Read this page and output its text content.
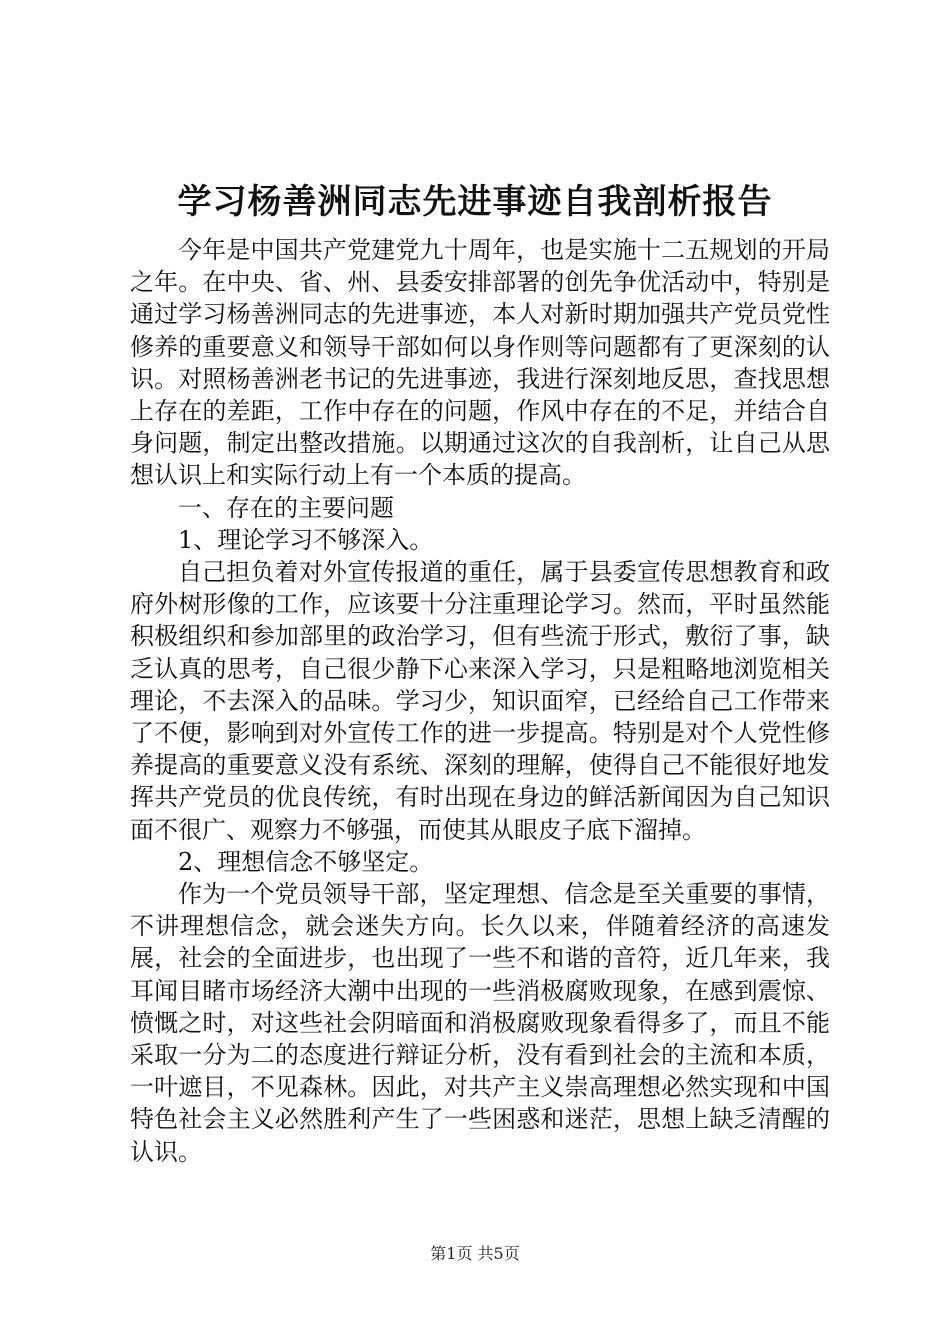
学习杨善洲同志先进事迹自我剖析报告

今年是中国共产党建党九十周年，也是实施十二五规划的开局之年。在中央、省、州、县委安排部署的创先争优活动中，特别是通过学习杨善洲同志的先进事迹，本人对新时期加强共产党员党性修养的重要意义和领导干部如何以身作则等问题都有了更深刻的认识。对照杨善洲老书记的先进事迹，我进行深刻地反思，查找思想上存在的差距，工作中存在的问题，作风中存在的不足，并结合自身问题，制定出整改措施。以期通过这次的自我剖析，让自己从思想认识上和实际行动上有一个本质的提高。

一、存在的主要问题

1、理论学习不够深入。

自己担负着对外宣传报道的重任，属于县委宣传思想教育和政府外树形像的工作，应该要十分注重理论学习。然而，平时虽然能积极组织和参加部里的政治学习，但有些流于形式，敷衍了事，缺乏认真的思考，自己很少静下心来深入学习，只是粗略地浏览相关理论，不去深入的品味。学习少，知识面窄，已经给自己工作带来了不便，影响到对外宣传工作的进一步提高。特别是对个人党性修养提高的重要意义没有系统、深刻的理解，使得自己不能很好地发挥共产党员的优良传统，有时出现在身边的鲜活新闻因为自己知识面不很广、观察力不够强，而使其从眼皮子底下溜掉。

2、理想信念不够坚定。

作为一个党员领导干部，坚定理想、信念是至关重要的事情，不讲理想信念，就会迷失方向。长久以来，伴随着经济的高速发展，社会的全面进步，也出现了一些不和谐的音符，近几年来，我耳闻目睹市场经济大潮中出现的一些消极腐败现象，在感到震惊、愤慨之时，对这些社会阴暗面和消极腐败现象看得多了，而且不能采取一分为二的态度进行辩证分析，没有看到社会的主流和本质，一叶遮目，不见森林。因此，对共产主义崇高理想必然实现和中国特色社会主义必然胜利产生了一些困惑和迷茫，思想上缺乏清醒的认识。

第1页 共5页
